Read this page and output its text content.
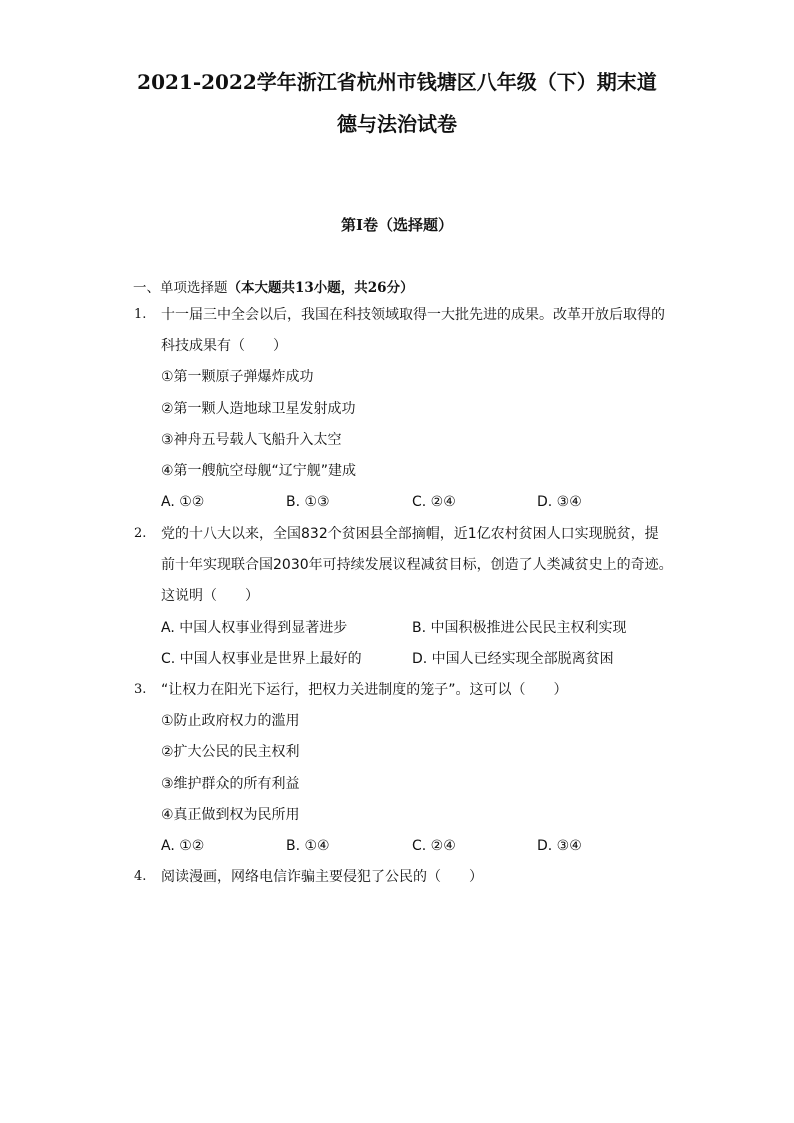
2021-2022学年浙江省杭州市钱塘区八年级（下）期末道
德与法治试卷
第I卷（选择题）

一、单项选择题（本大题共13小题，共26分）

1. 十一届三中全会以后，我国在科技领域取得一大批先进的成果。改革开放后取得的
科技成果有（　　）
①第一颗原子弹爆炸成功
②第一颗人造地球卫星发射成功
③神舟五号载人飞船升入太空
④第一艘航空母舰“辽宁舰”建成
A. ①②	B. ①③	C. ②④	D. ③④
2. 党的十八大以来，全国832个贫困县全部摘帽，近1亿农村贫困人口实现脱贫，提
前十年实现联合国2030年可持续发展议程减贫目标，创造了人类减贫史上的奇迹。
这说明（　　）
A. 中国人权事业得到显著进步	B. 中国积极推进公民民主权利实现
C. 中国人权事业是世界上最好的	D. 中国人已经实现全部脱离贫困
3. “让权力在阳光下运行，把权力关进制度的笼子”。这可以（　　）
①防止政府权力的滥用
②扩大公民的民主权利
③维护群众的所有利益
④真正做到权为民所用
A. ①②	B. ①④	C. ②④	D. ③④
4. 阅读漫画，网络电信诈骗主要侵犯了公民的（　　）
